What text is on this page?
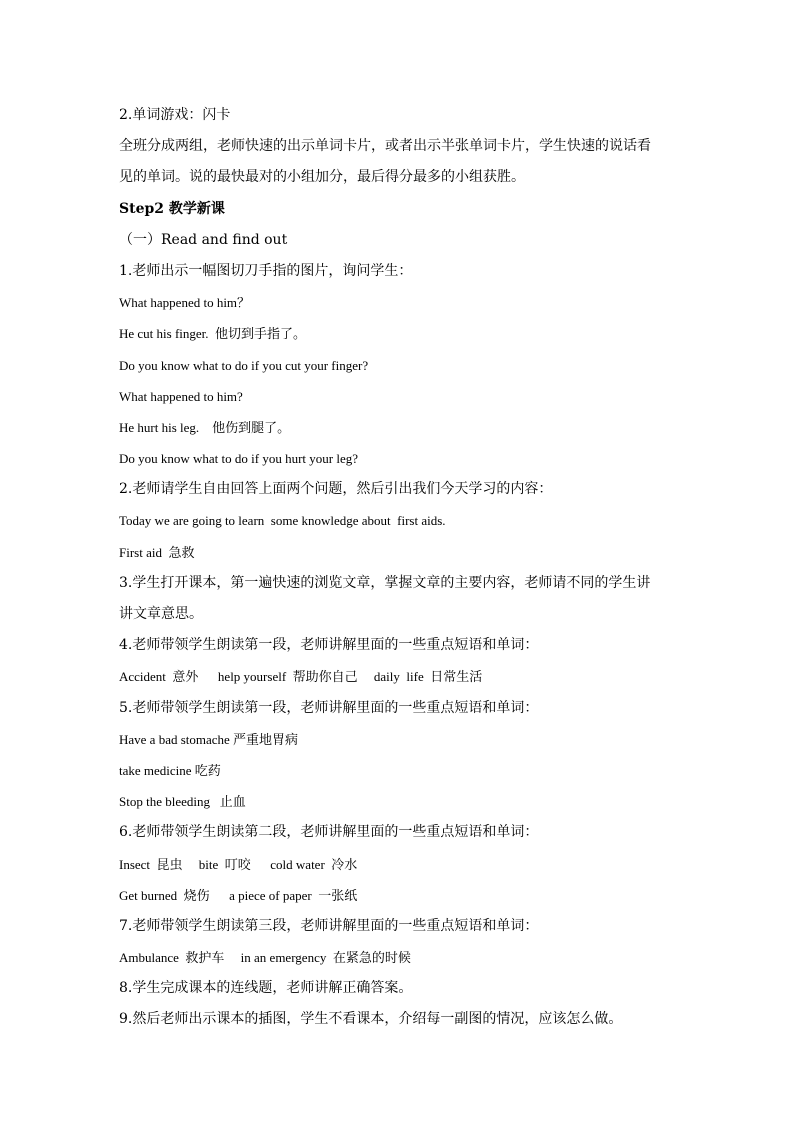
2.单词游戏：闪卡
全班分成两组，老师快速的出示单词卡片，或者出示半张单词卡片，学生快速的说话看
见的单词。说的最快最对的小组加分，最后得分最多的小组获胜。
Step2 教学新课
（一）Read and find out
1.老师出示一幅图切刀手指的图片，询问学生：
What happened to him？
He cut his finger.  他切到手指了。
Do you know what to do if you cut your finger?
What happened to him?
He hurt his leg.    他伤到腿了。
Do you know what to do if you hurt your leg?
2.老师请学生自由回答上面两个问题，然后引出我们今天学习的内容：
Today we are going to learn  some knowledge about  first aids.
First aid  急救
3.学生打开课本，第一遍快速的浏览文章，掌握文章的主要内容，老师请不同的学生讲
讲文章意思。
4.老师带领学生朗读第一段，老师讲解里面的一些重点短语和单词：
Accident  意外      help yourself  帮助你自己     daily  life  日常生活
5.老师带领学生朗读第一段，老师讲解里面的一些重点短语和单词：
Have a bad stomache 严重地胃病
take medicine 吃药
Stop the bleeding   止血
6.老师带领学生朗读第二段，老师讲解里面的一些重点短语和单词：
Insect  昆虫     bite  叮咬      cold water  冷水
Get burned  烧伤      a piece of paper  一张纸
7.老师带领学生朗读第三段，老师讲解里面的一些重点短语和单词：
Ambulance  救护车     in an emergency  在紧急的时候
8.学生完成课本的连线题，老师讲解正确答案。
9.然后老师出示课本的插图，学生不看课本，介绍每一副图的情况，应该怎么做。
